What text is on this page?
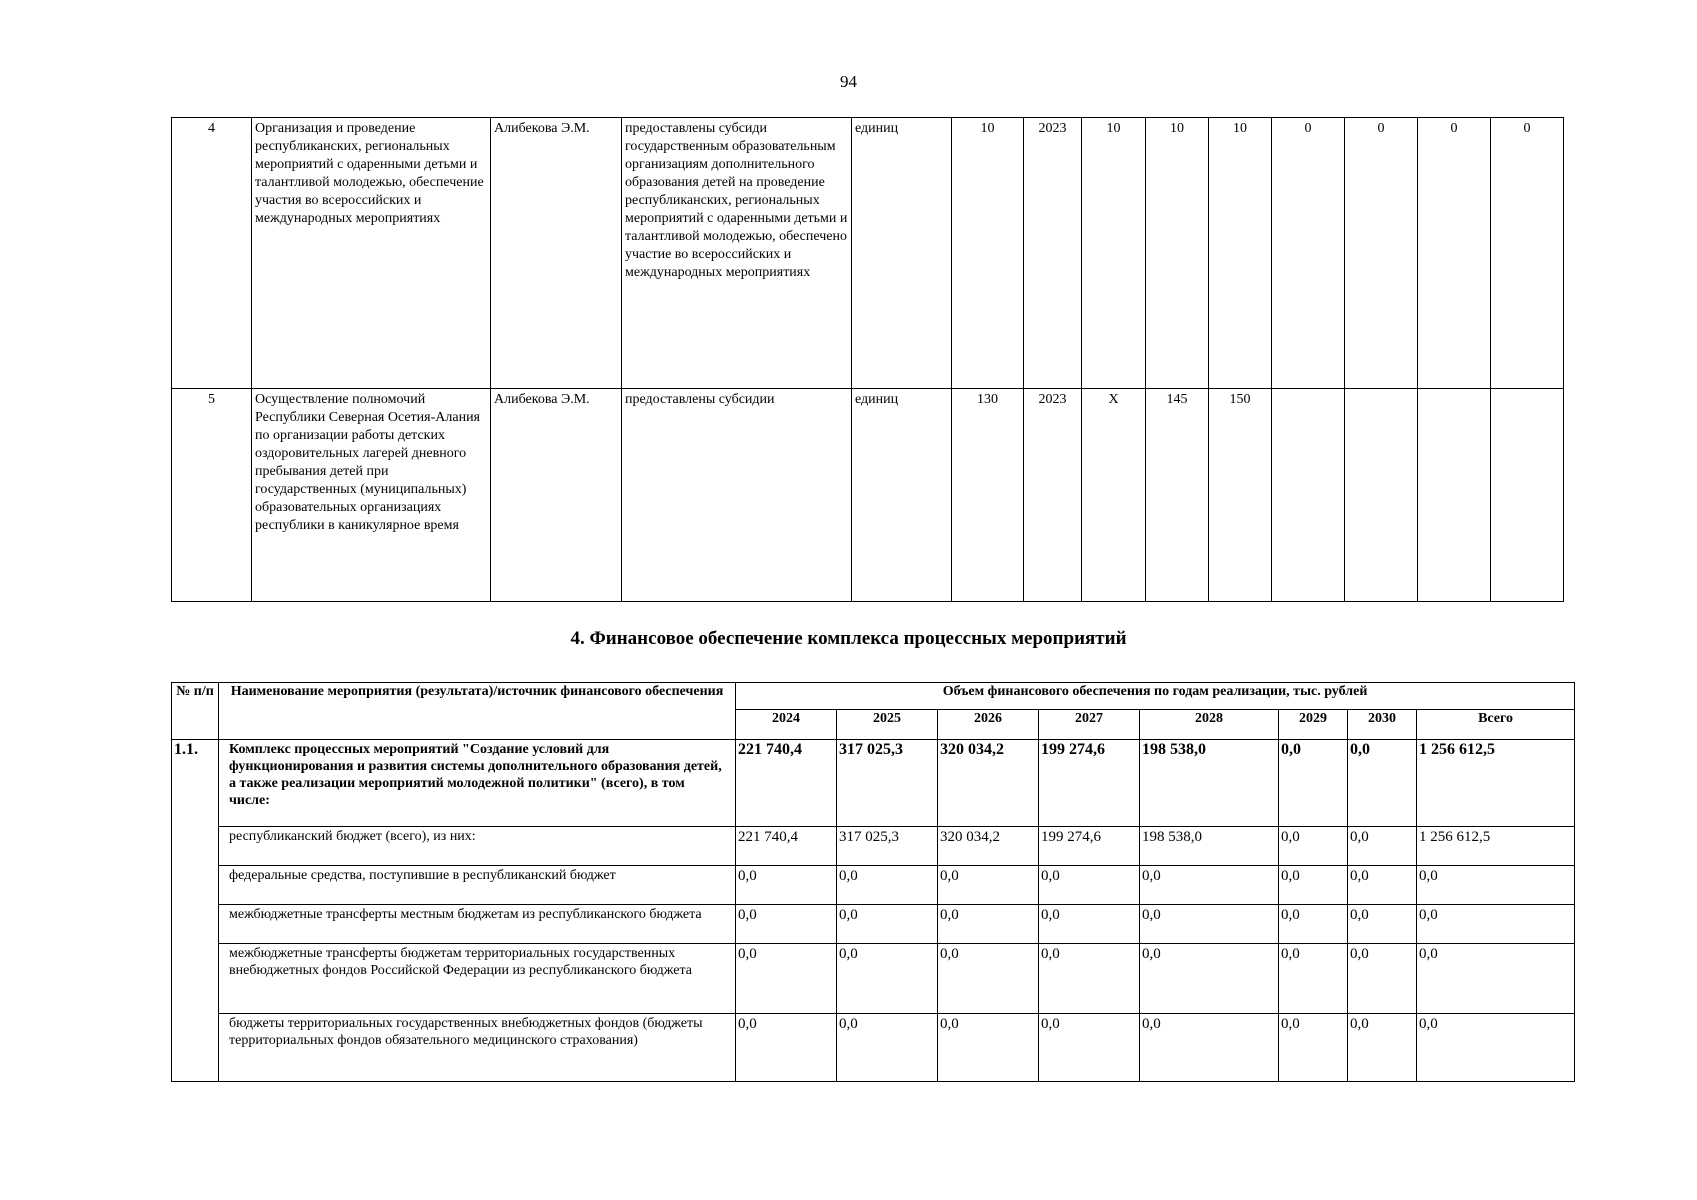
94
4	Организация и проведение республиканских, региональных мероприятий с одаренными детьми и талантливой молодежью, обеспечение участия во всероссийских и международных мероприятиях	Алибекова Э.М.	предоставлены субсиди государственным образовательным организациям дополнительного образования детей на проведение республиканских, региональных мероприятий с одаренными детьми и талантливой молодежью, обеспечено участие во всероссийских и международных мероприятиях	единиц	10	2023	10	10	10	0	0	0	0
5	Осуществление полномочий Республики Северная Осетия-Алания по организации работы детских оздоровительных лагерей дневного пребывания детей при государственных (муниципальных) образовательных организациях республики в каникулярное время	Алибекова Э.М.	предоставлены субсидии	единиц	130	2023	X	145	150				
4. Финансовое обеспечение комплекса процессных мероприятий
№ п/п	Наименование мероприятия (результата)/источник финансового обеспечения	Объем финансового обеспечения по годам реализации, тыс. рублей							
		2024	2025	2026	2027	2028	2029	2030	Всего
1.1.	Комплекс процессных мероприятий "Создание условий для функционирования и развития системы дополнительного образования детей, а также реализации мероприятий молодежной политики" (всего), в том числе:	221 740,4	317 025,3	320 034,2	199 274,6	198 538,0	0,0	0,0	1 256 612,5
	республиканский бюджет (всего), из них:	221 740,4	317 025,3	320 034,2	199 274,6	198 538,0	0,0	0,0	1 256 612,5
	федеральные средства, поступившие в республиканский бюджет	0,0	0,0	0,0	0,0	0,0	0,0	0,0	0,0
	межбюджетные трансферты местным бюджетам из республиканского бюджета	0,0	0,0	0,0	0,0	0,0	0,0	0,0	0,0
	межбюджетные трансферты бюджетам территориальных государственных внебюджетных фондов Российской Федерации из республиканского бюджета	0,0	0,0	0,0	0,0	0,0	0,0	0,0	0,0
	бюджеты территориальных государственных внебюджетных фондов (бюджеты территориальных фондов обязательного медицинского страхования)	0,0	0,0	0,0	0,0	0,0	0,0	0,0	0,0
